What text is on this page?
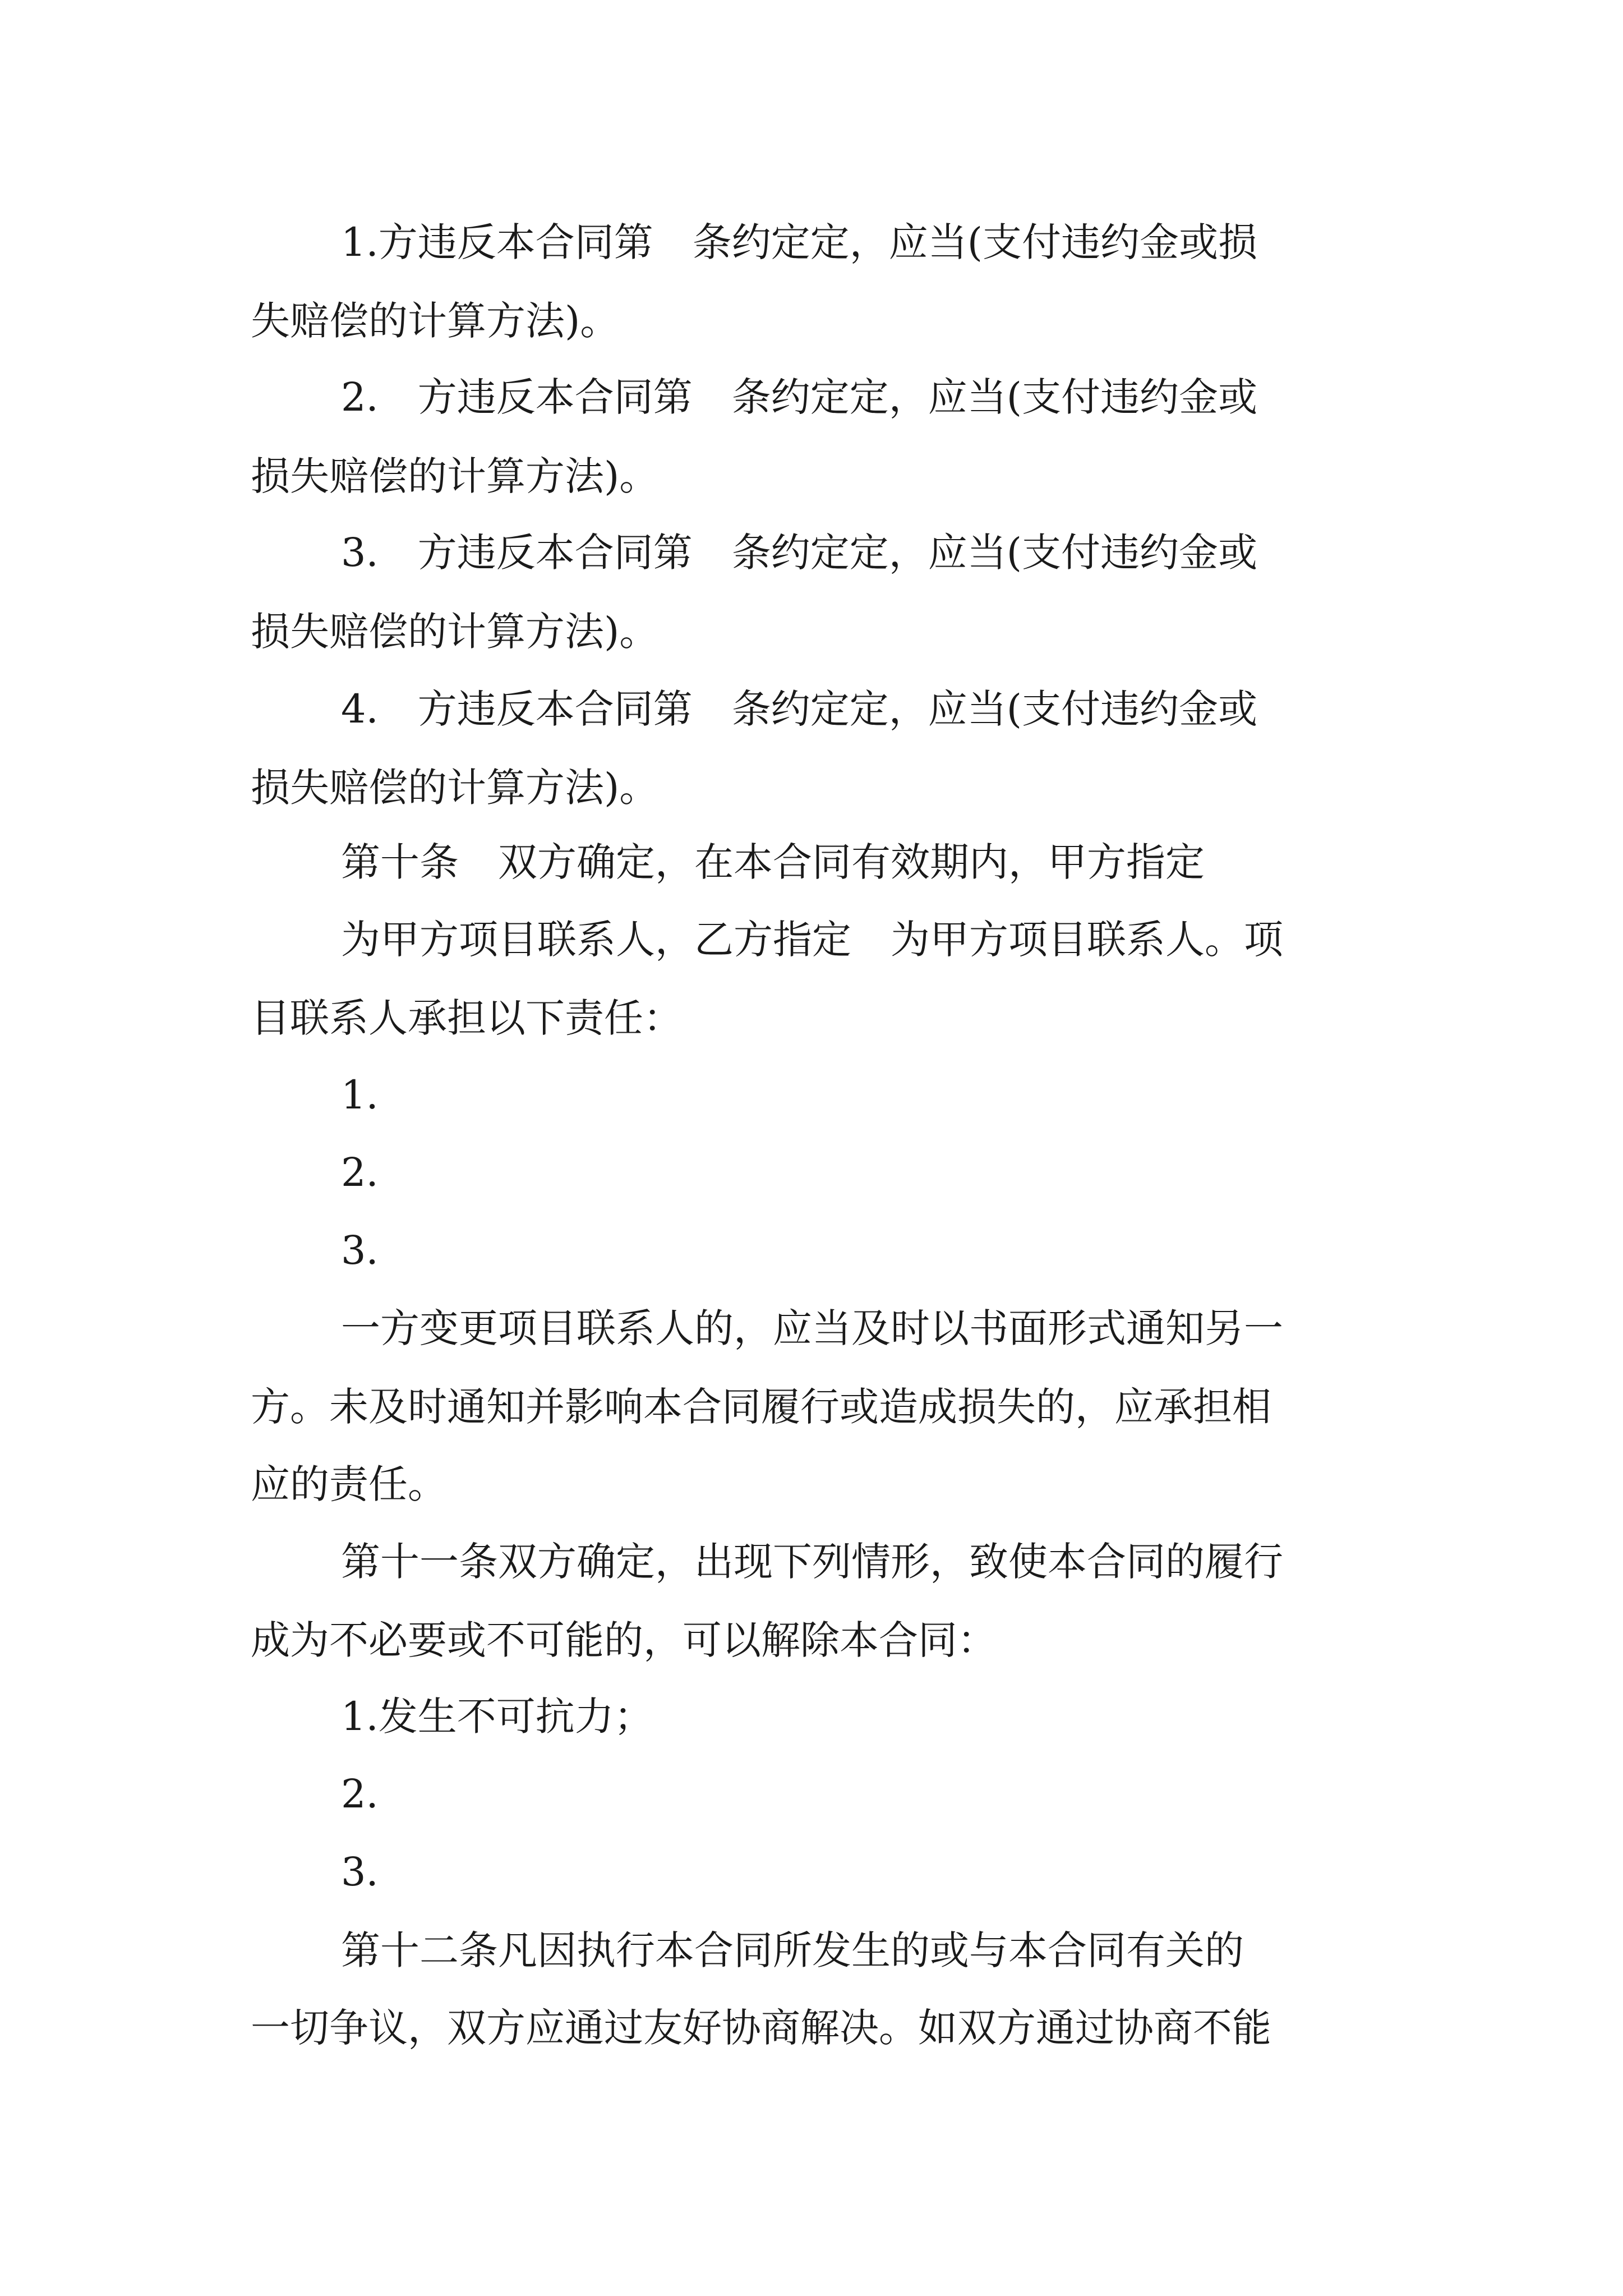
1.方违反本合同第　条约定定，应当(支付违约金或损

失赔偿的计算方法)。

2.　方违反本合同第　条约定定，应当(支付违约金或

损失赔偿的计算方法)。

3.　方违反本合同第　条约定定，应当(支付违约金或

损失赔偿的计算方法)。

4.　方违反本合同第　条约定定，应当(支付违约金或

损失赔偿的计算方法)。

第十条　双方确定，在本合同有效期内，甲方指定

为甲方项目联系人，乙方指定　为甲方项目联系人。项

目联系人承担以下责任：

1.

2.

3.

一方变更项目联系人的，应当及时以书面形式通知另一

方。未及时通知并影响本合同履行或造成损失的，应承担相

应的责任。

第十一条双方确定，出现下列情形，致使本合同的履行

成为不必要或不可能的，可以解除本合同：

1.发生不可抗力；

2.

3.

第十二条凡因执行本合同所发生的或与本合同有关的

一切争议，双方应通过友好协商解决。如双方通过协商不能
